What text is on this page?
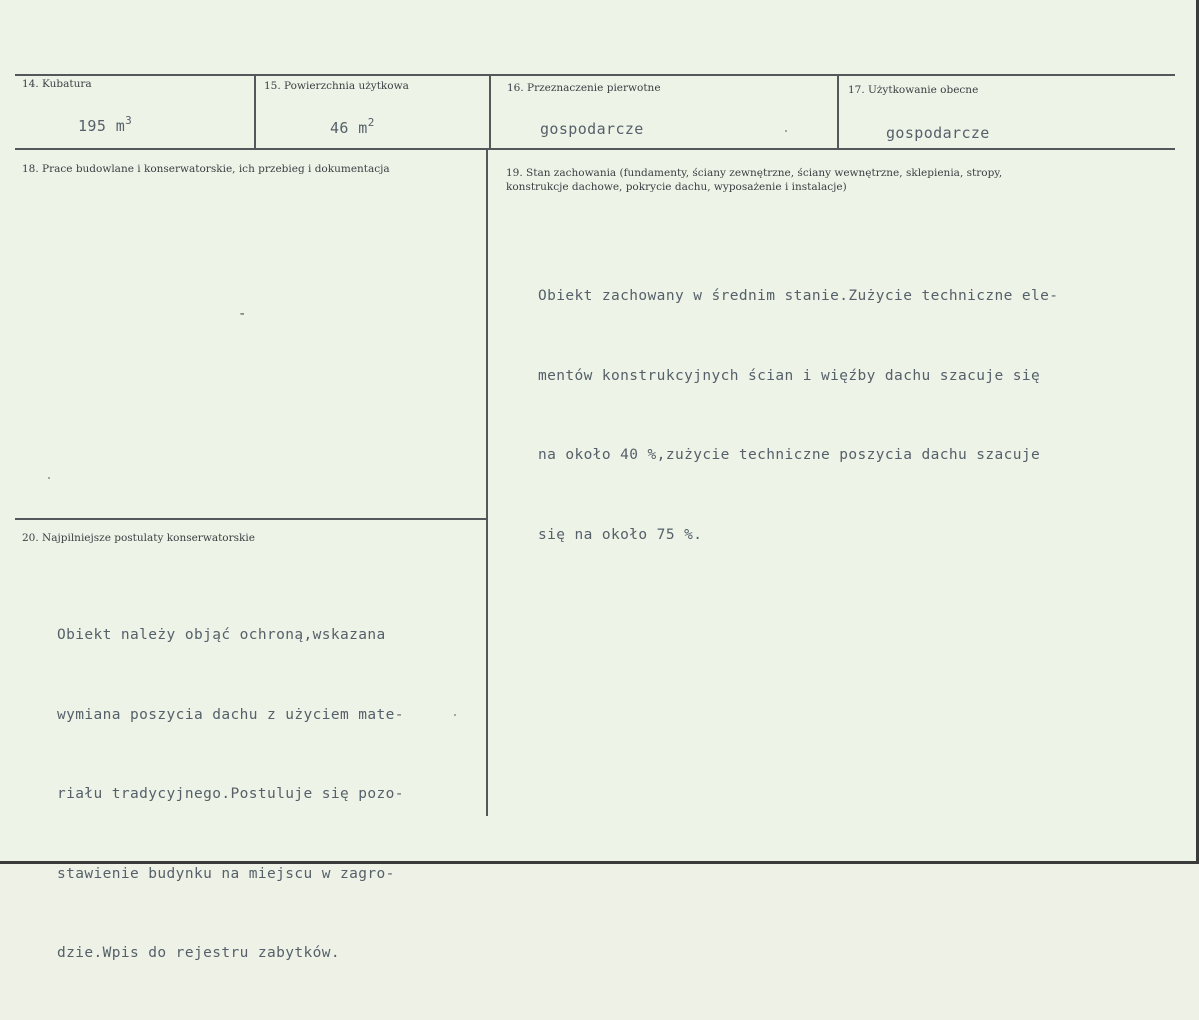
14. Kubatura
195 $m^3$
15. Powierzchnia użytkowa
46 $m^2$
16. Przeznaczenie pierwotne
gospodarcze
17. Użytkowanie obecne
gospodarcze
18. Prace budowlane i konserwatorskie, ich przebieg i dokumentacja
-
19. Stan zachowania (fundamenty, ściany zewnętrzne, ściany wewnętrzne, sklepienia, stropy,
konstrukcje dachowe, pokrycie dachu, wyposażenie i instalacje)

Obiekt zachowany w średnim stanie.Zużycie techniczne ele-

mentów konstrukcyjnych ścian i więźby dachu szacuje się

na około 40 %,zużycie techniczne poszycia dachu szacuje

się na około 75 %.

20. Najpilniejsze postulaty konserwatorskie

Obiekt należy objąć ochroną,wskazana

wymiana poszycia dachu z użyciem mate-

riału tradycyjnego.Postuluje się pozo-

stawienie budynku na miejscu w zagro-

dzie.Wpis do rejestru zabytków.
